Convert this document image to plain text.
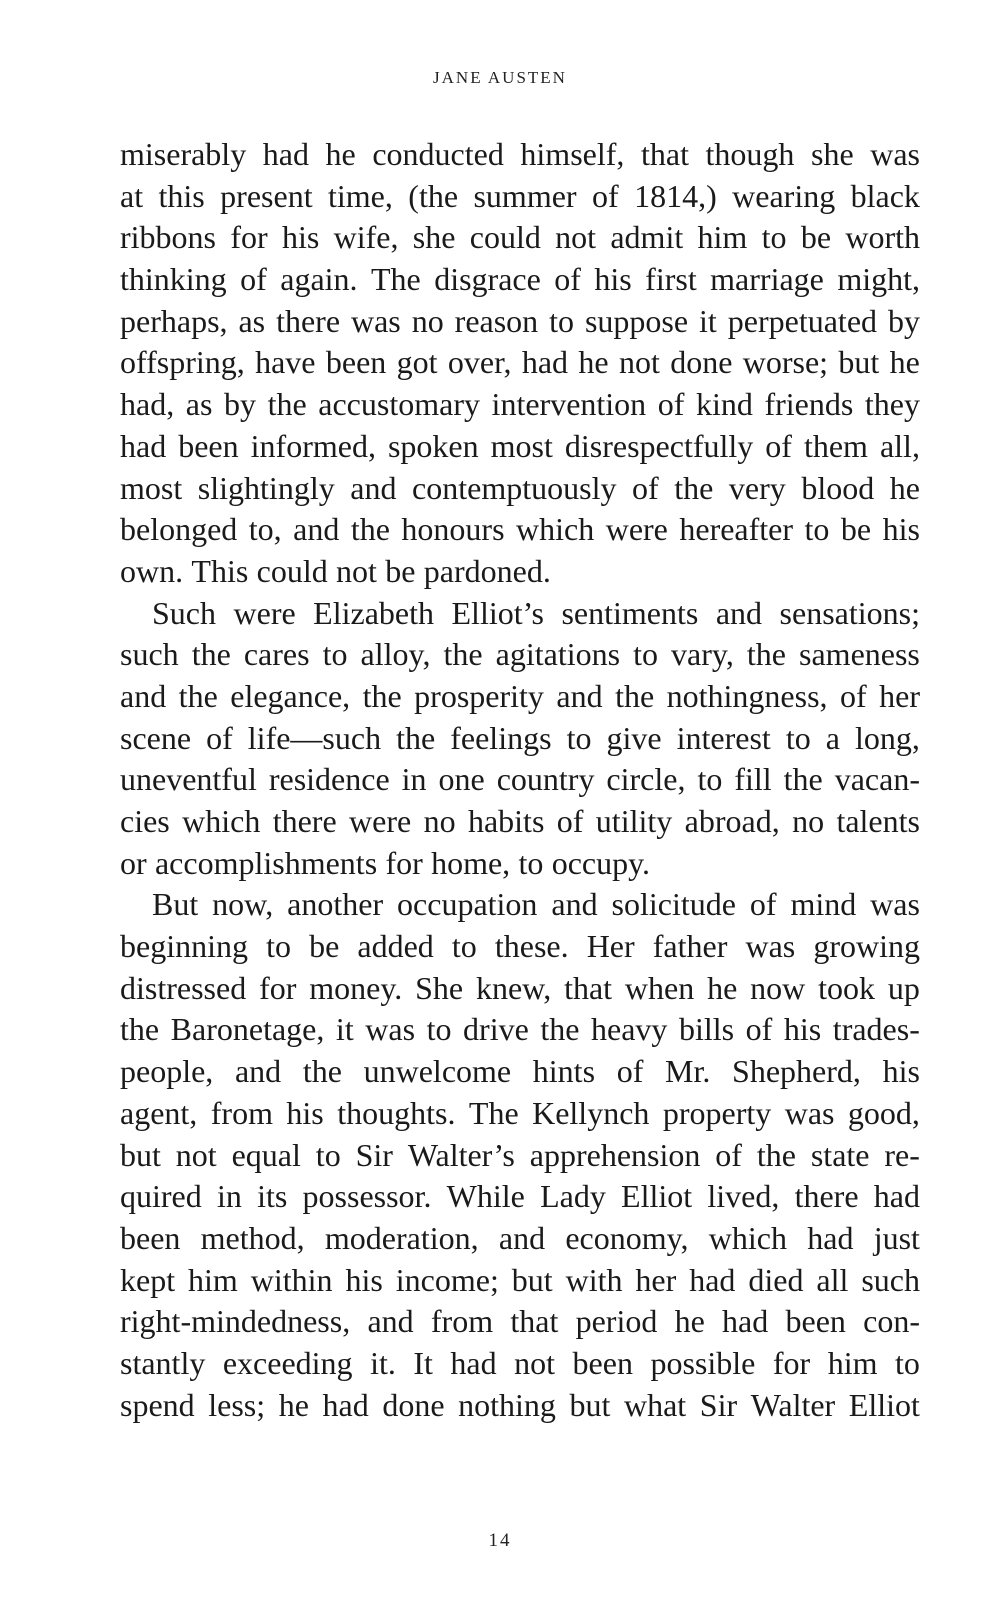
JANE AUSTEN
miserably had he conducted himself, that though she was
at this present time, (the summer of 1814,) wearing black
ribbons for his wife, she could not admit him to be worth
thinking of again. The disgrace of his first marriage might,
perhaps, as there was no reason to suppose it perpetuated by
offspring, have been got over, had he not done worse; but he
had, as by the accustomary intervention of kind friends they
had been informed, spoken most disrespectfully of them all,
most slightingly and contemptuously of the very blood he
belonged to, and the honours which were hereafter to be his
own. This could not be pardoned.
Such were Elizabeth Elliot’s sentiments and sensations;
such the cares to alloy, the agitations to vary, the sameness
and the elegance, the prosperity and the nothingness, of her
scene of life—such the feelings to give interest to a long,
uneventful residence in one country circle, to fill the vacan-
cies which there were no habits of utility abroad, no talents
or accomplishments for home, to occupy.
But now, another occupation and solicitude of mind was
beginning to be added to these. Her father was growing
distressed for money. She knew, that when he now took up
the Baronetage, it was to drive the heavy bills of his trades-
people, and the unwelcome hints of Mr. Shepherd, his
agent, from his thoughts. The Kellynch property was good,
but not equal to Sir Walter’s apprehension of the state re-
quired in its possessor. While Lady Elliot lived, there had
been method, moderation, and economy, which had just
kept him within his income; but with her had died all such
right-mindedness, and from that period he had been con-
stantly exceeding it. It had not been possible for him to
spend less; he had done nothing but what Sir Walter Elliot
14
